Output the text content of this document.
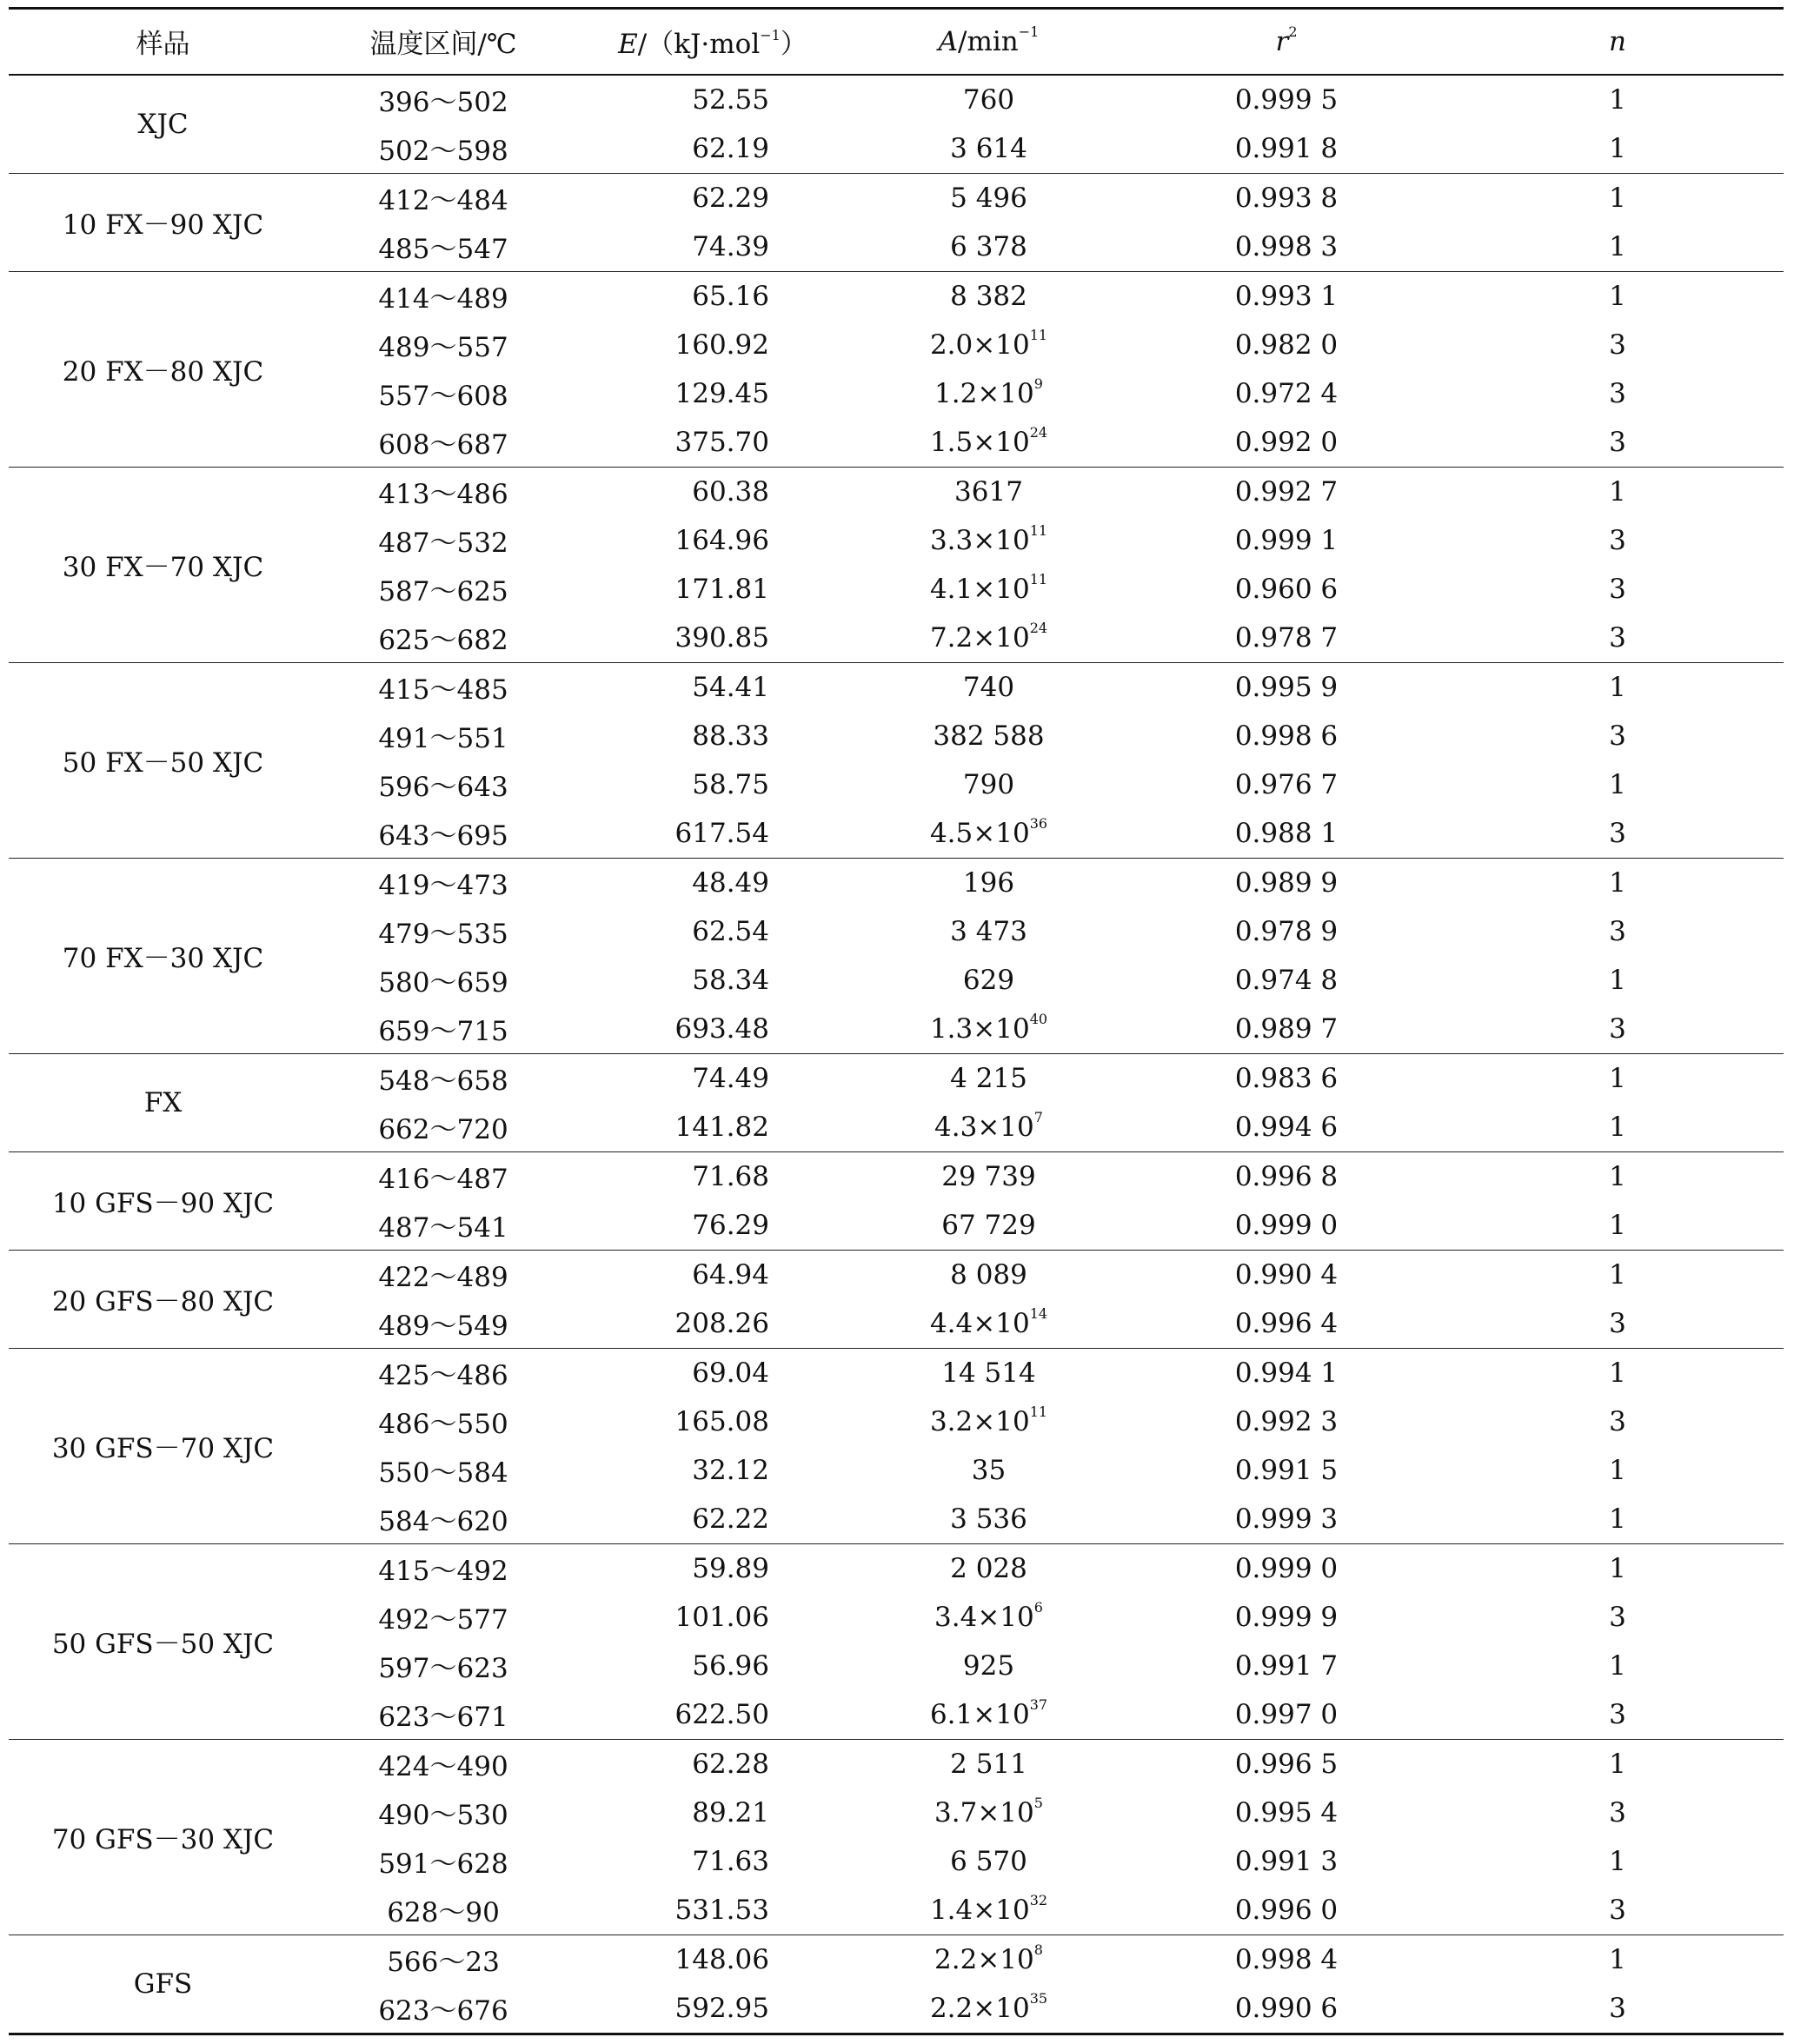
样品	温度区间/℃	E/（kJ·mol$^{-1}$）	$A/\min^{-1}$	$r^2$	n
XJC	396～502	52.55	760	0.999 5	1
	502～598	62.19	3 614	0.991 8	1
10 FX－90 XJC	412～484	62.29	5 496	0.993 8	1
	485～547	74.39	6 378	0.998 3	1
20 FX－80 XJC	414～489	65.16	8 382	0.993 1	1
	489～557	160.92	$2.0\times 10^{11}$	0.982 0	3
	557～608	129.45	$1.2\times 10^9$	0.972 4	3
	608～687	375.70	$1.5\times 10^{24}$	0.992 0	3
30 FX－70 XJC	413～486	60.38	3617	0.992 7	1
	487～532	164.96	$3.3\times 10^{11}$	0.999 1	3
	587～625	171.81	$4.1\times 10^{11}$	0.960 6	3
	625～682	390.85	$7.2\times 10^{24}$	0.978 7	3
50 FX－50 XJC	415～485	54.41	740	0.995 9	1
	491～551	88.33	382 588	0.998 6	3
	596～643	58.75	790	0.976 7	1
	643～695	617.54	$4.5\times 10^{36}$	0.988 1	3
70 FX－30 XJC	419～473	48.49	196	0.989 9	1
	479～535	62.54	3 473	0.978 9	3
	580～659	58.34	629	0.974 8	1
	659～715	693.48	$1.3\times 10^{40}$	0.989 7	3
FX	548～658	74.49	4 215	0.983 6	1
	662～720	141.82	$4.3\times 10^7$	0.994 6	1
10 GFS－90 XJC	416～487	71.68	29 739	0.996 8	1
	487～541	76.29	67 729	0.999 0	1
20 GFS－80 XJC	422～489	64.94	8 089	0.990 4	1
	489～549	208.26	$4.4\times 10^{14}$	0.996 4	3
30 GFS－70 XJC	425～486	69.04	14 514	0.994 1	1
	486～550	165.08	$3.2\times 10^{11}$	0.992 3	3
	550～584	32.12	35	0.991 5	1
	584～620	62.22	3 536	0.999 3	1
50 GFS－50 XJC	415～492	59.89	2 028	0.999 0	1
	492～577	101.06	$3.4\times 10^6$	0.999 9	3
	597～623	56.96	925	0.991 7	1
	623～671	622.50	$6.1\times 10^{37}$	0.997 0	3
70 GFS－30 XJC	424～490	62.28	2 511	0.996 5	1
	490～530	89.21	$3.7\times 10^5$	0.995 4	3
	591～628	71.63	6 570	0.991 3	1
	628～90	531.53	$1.4\times 10^{32}$	0.996 0	3
GFS	566～23	148.06	$2.2\times 10^8$	0.998 4	1
	623～676	592.95	$2.2\times 10^{35}$	0.990 6	3
